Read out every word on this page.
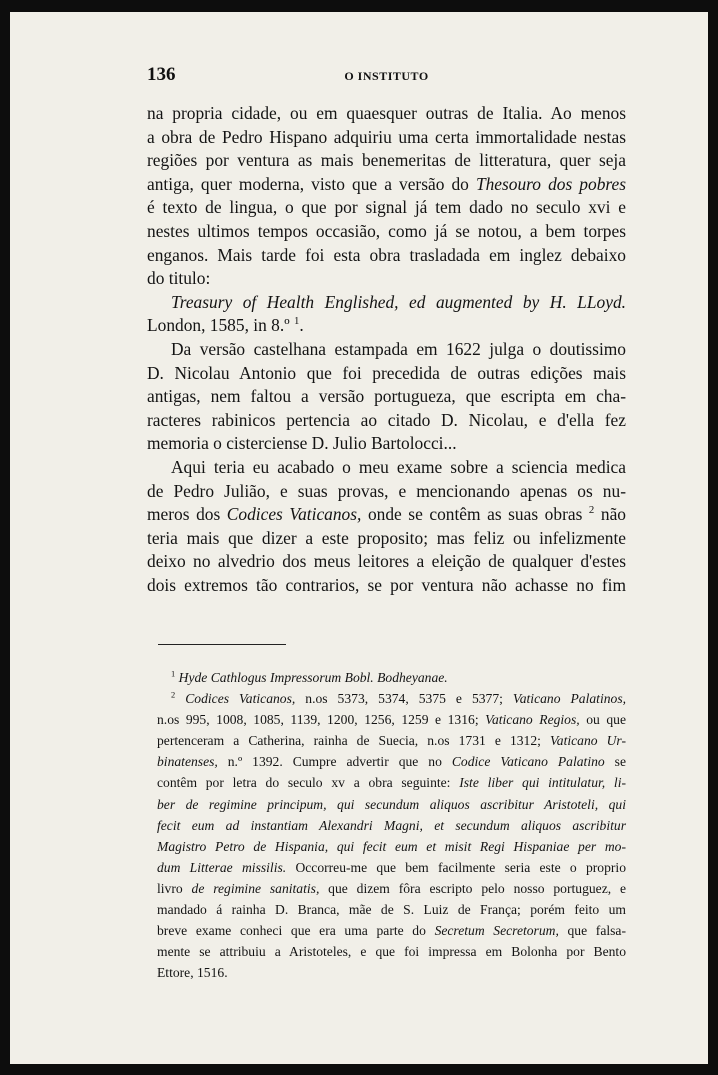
136	O INSTITUTO

na propria cidade, ou em quaesquer outras de Italia. Ao menos
a obra de Pedro Hispano adquiriu uma certa immortalidade nestas
regiões por ventura as mais benemeritas de litteratura, quer seja
antiga, quer moderna, visto que a versão do Thesouro dos pobres
é texto de lingua, o que por signal já tem dado no seculo xvi e
nestes ultimos tempos occasião, como já se notou, a bem torpes
enganos. Mais tarde foi esta obra trasladada em inglez debaixo
do titulo:

Treasury of Health Englished, ed augmented by H. LLoyd.
London, 1585, in 8.º $^1$.

Da versão castelhana estampada em 1622 julga o doutissimo
D. Nicolau Antonio que foi precedida de outras edições mais
antigas, nem faltou a versão portugueza, que escripta em cha-
racteres rabinicos pertencia ao citado D. Nicolau, e d'ella fez
memoria o cisterciense D. Julio Bartolocci...

Aqui teria eu acabado o meu exame sobre a sciencia medica
de Pedro Julião, e suas provas, e mencionando apenas os nu-
meros dos Codices Vaticanos, onde se contêm as suas obras $^2$ não
teria mais que dizer a este proposito; mas feliz ou infelizmente
deixo no alvedrio dos meus leitores a eleição de qualquer d'estes
dois extremos tão contrarios, se por ventura não achasse no fim

$^1$ Hyde Cathlogus Impressorum Bobl. Bodheyanae.

$^2$ Codices Vaticanos, n.os 5373, 5374, 5375 e 5377; Vaticano Palatinos,
n.os 995, 1008, 1085, 1139, 1200, 1256, 1259 e 1316; Vaticano Regios, ou que
pertenceram a Catherina, rainha de Suecia, n.os 1731 e 1312; Vaticano Ur-
binatenses, n.º 1392. Cumpre advertir que no Codice Vaticano Palatino se
contêm por letra do seculo xv a obra seguinte: Iste liber qui intitulatur, li-
ber de regimine principum, qui secundum aliquos ascribitur Aristoteli, qui
fecit eum ad instantiam Alexandri Magni, et secundum aliquos ascribitur
Magistro Petro de Hispania, qui fecit eum et misit Regi Hispaniae per mo-
dum Litterae missilis. Occorreu-me que bem facilmente seria este o proprio
livro de regimine sanitatis, que dizem fôra escripto pelo nosso portuguez, e
mandado á rainha D. Branca, mãe de S. Luiz de França; porém feito um
breve exame conheci que era uma parte do Secretum Secretorum, que falsa-
mente se attribuiu a Aristoteles, e que foi impressa em Bolonha por Bento
Ettore, 1516.
